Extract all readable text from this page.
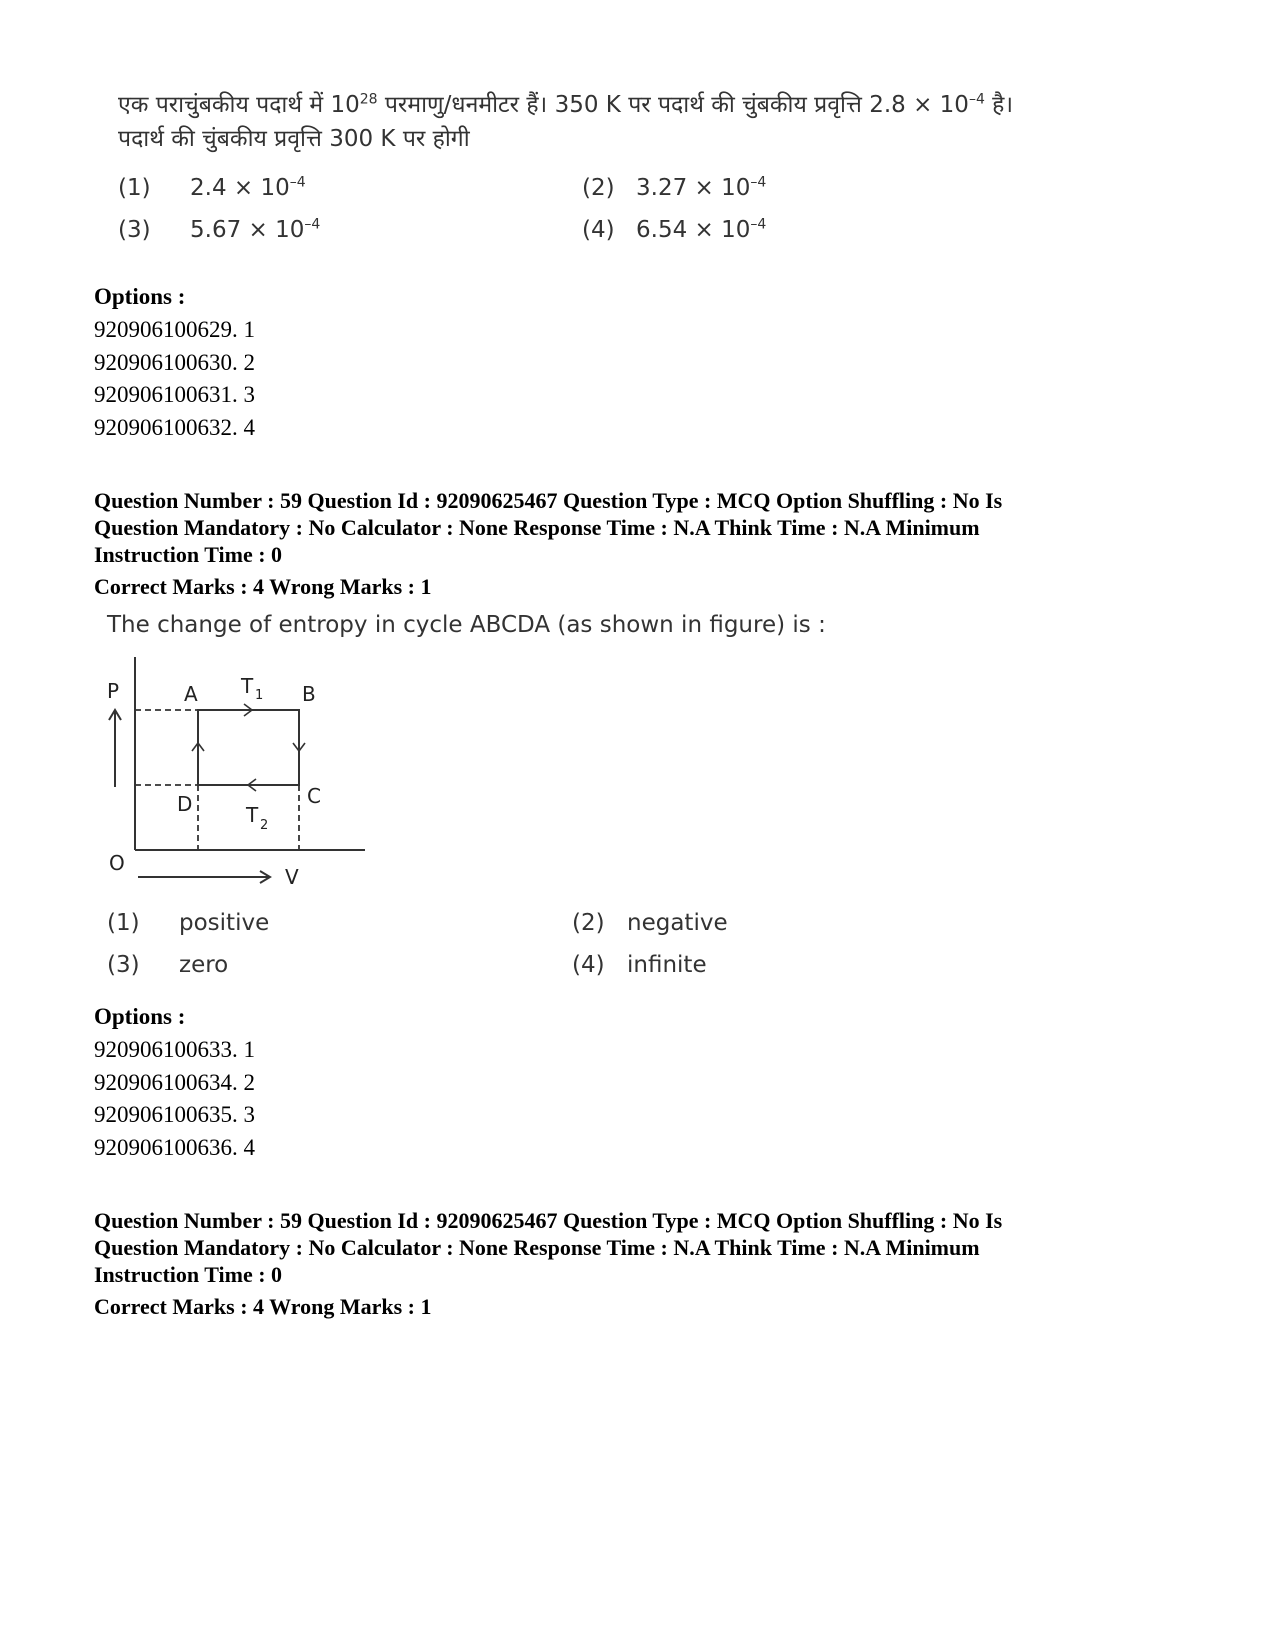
एक पराचुंबकीय पदार्थ में $10^{28}$ परमाणु/धनमीटर हैं। 350 K पर पदार्थ की चुंबकीय प्रवृत्ति $2.8 \times 10^{-4}$ है।
पदार्थ की चुंबकीय प्रवृत्ति 300 K पर होगी
(1) $2.4 \times 10^{-4}$	(2) $3.27 \times 10^{-4}$
(3) $5.67 \times 10^{-4}$	(4) $6.54 \times 10^{-4}$
Options :
920906100629. 1
920906100630. 2
920906100631. 3
920906100632. 4
Question Number : 59 Question Id : 92090625467 Question Type : MCQ Option Shuffling : No Is
Question Mandatory : No Calculator : None Response Time : N.A Think Time : N.A Minimum
Instruction Time : 0
Correct Marks : 4 Wrong Marks : 1
The change of entropy in cycle ABCDA (as shown in figure) is :
P	A	B
C
D
O
V
T 1
T 2
(1) positive	(2) negative
(3) zero	(4) infinite
Options :
920906100633. 1
920906100634. 2
920906100635. 3
920906100636. 4
Question Number : 59 Question Id : 92090625467 Question Type : MCQ Option Shuffling : No Is
Question Mandatory : No Calculator : None Response Time : N.A Think Time : N.A Minimum
Instruction Time : 0
Correct Marks : 4 Wrong Marks : 1
